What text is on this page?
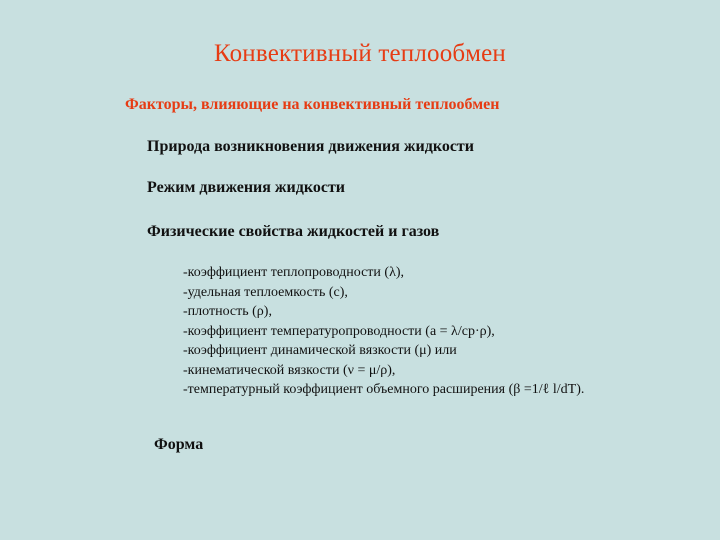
Конвективный теплообмен
Факторы, влияющие на конвективный теплообмен
Природа возникновения движения жидкости
Режим движения жидкости
Физические свойства жидкостей и газов
-коэффициент теплопроводности (λ),
-удельная теплоемкость (с),
-плотность (ρ),
-коэффициент температуропроводности (а = λ/cр·ρ),
-коэффициент динамической вязкости (μ) или
-кинематической вязкости (ν = μ/ρ),
-температурный коэффициент объемного расширения (β =1/ℓ l/dT).
Форма
